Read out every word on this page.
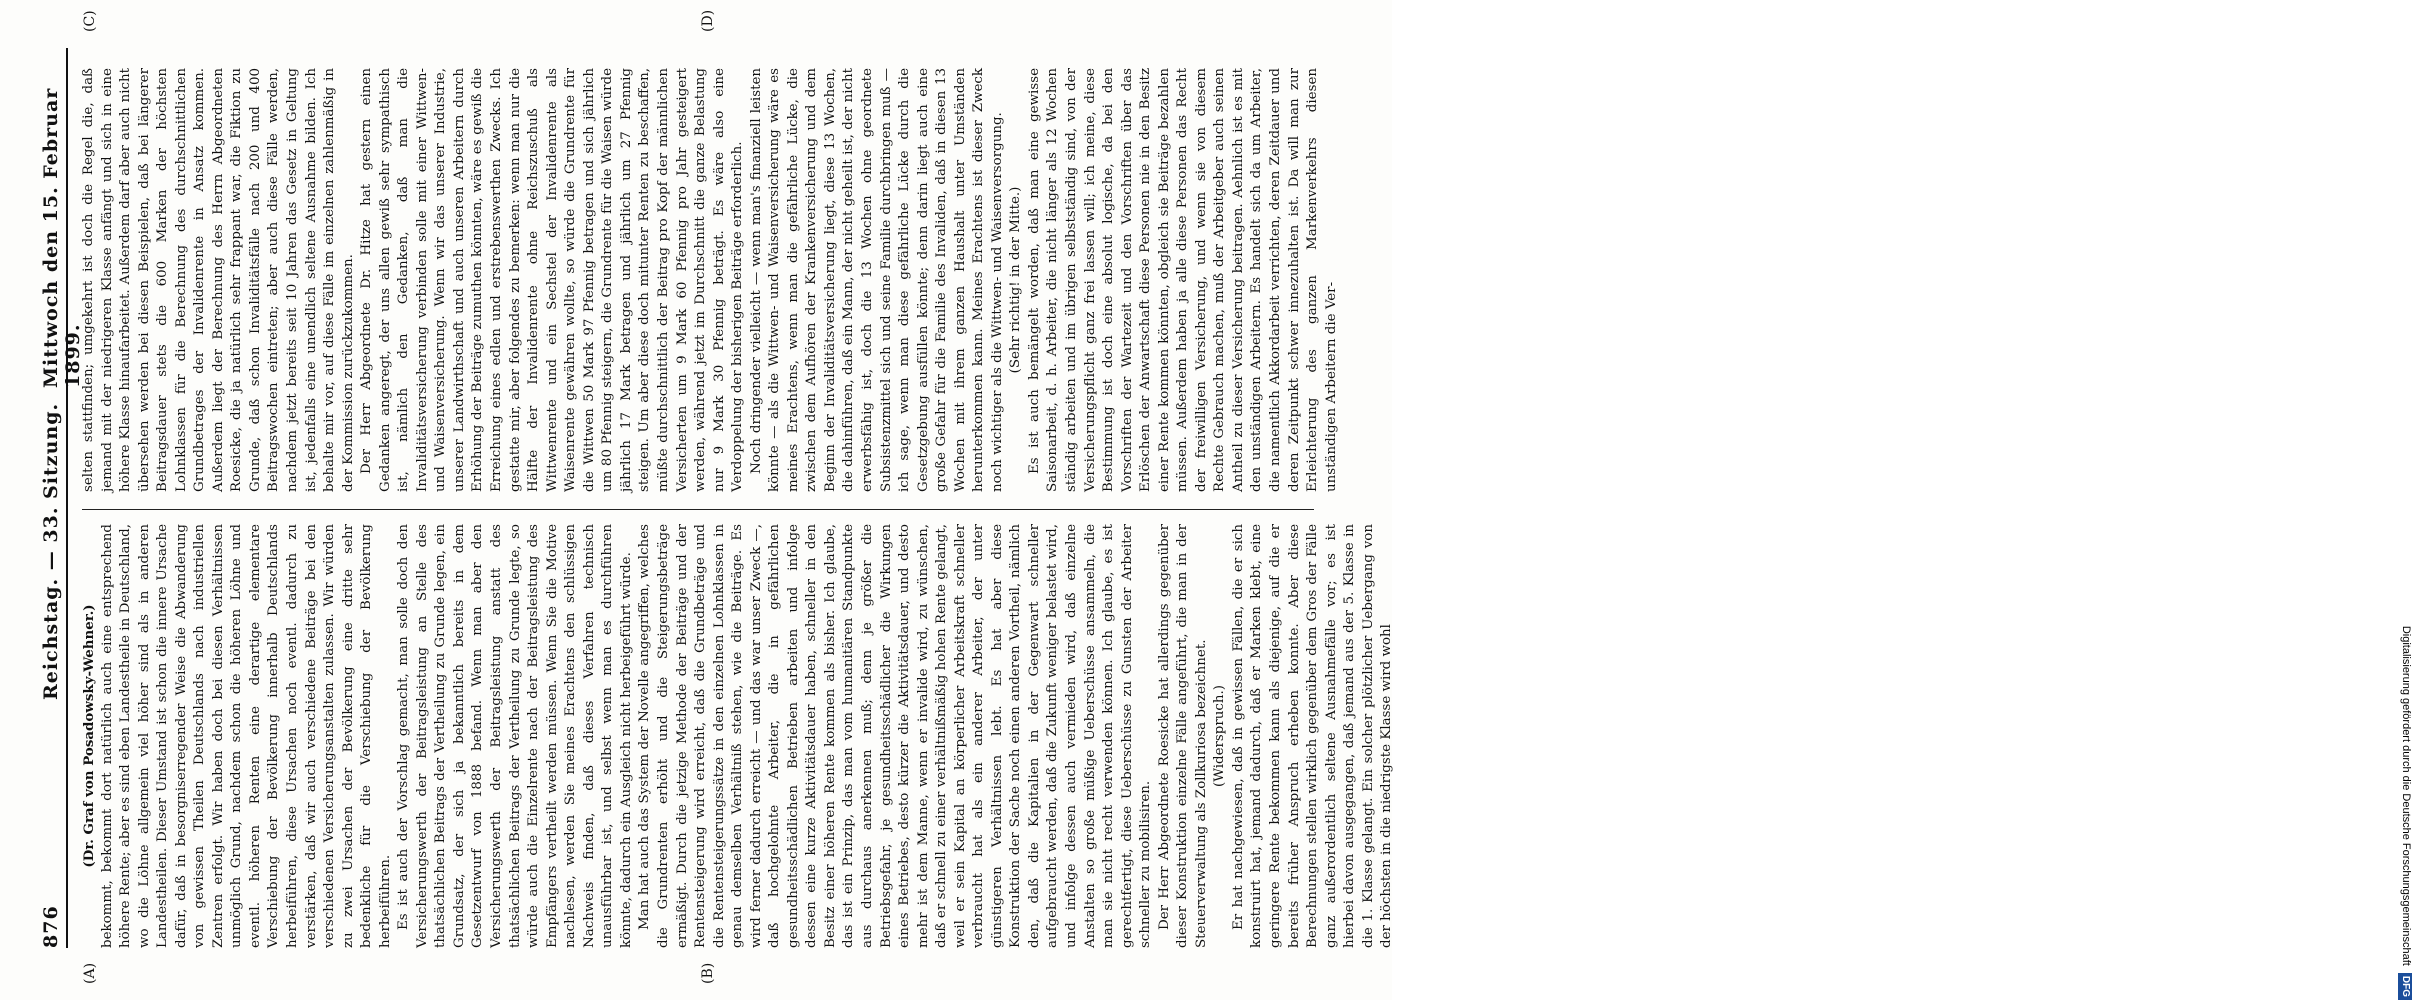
876
Reichstag. — 33. Sitzung.
Mittwoch den 15. Februar 1899.
(A)	(B)
(C)	(D)

(Dr. Graf von Posadowsky-Wehner.) bekommt, bekommt dort natürlich auch eine entsprechend höhere Rente; aber es sind eben Landestheile in Deutschland, wo die Löhne allgemein viel höher sind als in anderen Landestheilen. Dieser Umstand ist schon die innere Ursache dafür, daß in besorgniserregender Weise die Abwanderung von gewissen Theilen Deutschlands nach industriellen Zentren erfolgt. Wir haben doch bei diesen Verhältnissen unmöglich Grund, nachdem schon die höheren Löhne und eventl. höheren Renten eine derartige elementare Verschiebung der Bevölkerung innerhalb Deutschlands herbeiführen, diese Ursachen noch eventl. dadurch zu verstärken, daß wir auch verschiedene Beiträge bei den verschiedenen Versicherungsanstalten zulassen. Wir würden zu zwei Ursachen der Bevölkerung eine dritte sehr bedenkliche für die Verschiebung der Bevölkerung herbeiführen. Es ist auch der Vorschlag gemacht, man solle doch den Versicherungswerth der Beitragsleistung an Stelle des thatsächlichen Beitrags der Vertheilung zu Grunde legen, ein Grundsatz, der sich ja bekanntlich bereits in dem Gesetzentwurf von 1888 befand. Wenn man aber den Versicherungswerth der Beitragsleistung anstatt des thatsächlichen Beitrags der Vertheilung zu Grunde legte, so würde auch die Einzelrente nach der Beitragsleistung des Empfängers vertheilt werden müssen. Wenn Sie die Motive nachlesen, werden Sie meines Erachtens den schlüssigen Nachweis finden, daß dieses Verfahren technisch unausführbar ist, und selbst wenn man es durchführen könnte, dadurch ein Ausgleich nicht herbeigeführt würde. Man hat auch das System der Novelle angegriffen, welches die Grundrenten erhöht und die Steigerungsbeträge ermäßigt. Durch die jetzige Methode der Beiträge und der Rentensteigerung wird erreicht, daß die Grundbeträge und die Rentensteigerungssätze in den einzelnen Lohnklassen in genau demselben Verhältniß stehen, wie die Beiträge. Es wird ferner dadurch erreicht — und das war unser Zweck —, daß hochgelohnte Arbeiter, die in gefährlichen gesundheitsschädlichen Betrieben arbeiten und infolge dessen eine kurze Aktivitätsdauer haben, schneller in den Besitz einer höheren Rente kommen als bisher. Ich glaube, das ist ein Prinzip, das man vom humanitären Standpunkte aus durchaus anerkennen muß; denn je größer die Betriebsgefahr, je gesundheitsschädlicher die Wirkungen eines Betriebes, desto kürzer die Aktivitätsdauer, und desto mehr ist dem Manne, wenn er invalide wird, zu wünschen, daß er schnell zu einer verhältnißmäßig hohen Rente gelangt, weil er sein Kapital an körperlicher Arbeitskraft schneller verbraucht hat als ein anderer Arbeiter, der unter günstigeren Verhältnissen lebt. Es hat aber diese Konstruktion der Sache noch einen anderen Vortheil, nämlich den, daß die Kapitalien in der Gegenwart schneller aufgebraucht werden, daß die Zukunft weniger belastet wird, und infolge dessen auch vermieden wird, daß einzelne Anstalten so große müßige Ueberschüsse ansammeln, die man sie nicht recht verwenden können. Ich glaube, es ist gerechtfertigt, diese Ueberschüsse zu Gunsten der Arbeiter schneller zu mobilisiren. Der Herr Abgeordnete Roesicke hat allerdings gegenüber dieser Konstruktion einzelne Fälle angeführt, die man in der Steuerverwaltung als Zollkuriosa bezeichnet. (Widerspruch.) Er hat nachgewiesen, daß in gewissen Fällen, die er sich konstruirt hat, jemand dadurch, daß er Marken klebt, eine geringere Rente bekommen kann als diejenige, auf die er bereits früher Anspruch erheben konnte. Aber diese Berechnungen stellen wirklich gegenüber dem Gros der Fälle ganz außerordentlich seltene Ausnahmefälle vor; es ist hierbei davon ausgegangen, daß jemand aus der 5. Klasse in die 1. Klasse gelangt. Ein solcher plötzlicher Uebergang von der höchsten in die niedrigste Klasse wird wohl

selten stattfinden; umgekehrt ist doch die Regel die, daß jemand mit der niedrigeren Klasse anfängt und sich in eine höhere Klasse hinaufarbeitet. Außerdem darf aber auch nicht übersehen werden bei diesen Beispielen, daß bei längerer Beitragsdauer stets die 600 Marken der höchsten Lohnklassen für die Berechnung des durchschnittlichen Grundbetrages der Invalidenrente in Ansatz kommen. Außerdem liegt der Berechnung des Herrn Abgeordneten Roesicke, die ja natürlich sehr frappant war, die Fiktion zu Grunde, daß schon Invaliditätsfälle nach 200 und 400 Beitragswochen eintreten; aber auch diese Fälle werden, nachdem jetzt bereits seit 10 Jahren das Gesetz in Geltung ist, jedenfalls eine unendlich seltene Ausnahme bilden. Ich behalte mir vor, auf diese Fälle im einzelnen zahlenmäßig in der Kommission zurückzukommen. Der Herr Abgeordnete Dr. Hitze hat gestern einen Gedanken angeregt, der uns allen gewiß sehr sympathisch ist, nämlich den Gedanken, daß man die Invaliditätsversicherung verbinden solle mit einer Wittwen- und Waisenversicherung. Wenn wir das unserer Industrie, unserer Landwirthschaft und auch unseren Arbeitern durch Erhöhung der Beiträge zumuthen könnten, wäre es gewiß die Erreichung eines edlen und erstrebenswerthen Zwecks. Ich gestatte mir, aber folgendes zu bemerken: wenn man nur die Hälfte der Invalidenrente ohne Reichszuschuß als Wittwenrente und ein Sechstel der Invalidenrente als Waisenrente gewähren wollte, so würde die Grundrente für die Wittwen 50 Mark 97 Pfennig betragen und sich jährlich um 80 Pfennig steigern, die Grundrente für die Waisen würde jährlich 17 Mark betragen und jährlich um 27 Pfennig steigen. Um aber diese doch mitunter Renten zu beschaffen, müßte durchschnittlich der Beitrag pro Kopf der männlichen Versicherten um 9 Mark 60 Pfennig pro Jahr gesteigert werden, während jetzt im Durchschnitt die ganze Belastung nur 9 Mark 30 Pfennig beträgt. Es wäre also eine Verdoppelung der bisherigen Beiträge erforderlich. Noch dringender vielleicht — wenn man's finanziell leisten könnte — als die Wittwen- und Waisenversicherung wäre es meines Erachtens, wenn man die gefährliche Lücke, die zwischen dem Aufhören der Krankenversicherung und dem Beginn der Invaliditätsversicherung liegt, diese 13 Wochen, die dahinführen, daß ein Mann, der nicht geheilt ist, der nicht erwerbsfähig ist, doch die 13 Wochen ohne geordnete Subsistenzmittel sich und seine Familie durchbringen muß — ich sage, wenn man diese gefährliche Lücke durch die Gesetzgebung ausfüllen könnte; denn darin liegt auch eine große Gefahr für die Familie des Invaliden, daß in diesen 13 Wochen mit ihrem ganzen Haushalt unter Umständen herunterkommen kann. Meines Erachtens ist dieser Zweck noch wichtiger als die Wittwen- und Waisenversorgung. (Sehr richtig! in der Mitte.) Es ist auch bemängelt worden, daß man eine gewisse Saisonarbeit, d. h. Arbeiter, die nicht länger als 12 Wochen ständig arbeiten und im übrigen selbstständig sind, von der Versicherungspflicht ganz frei lassen will; ich meine, diese Bestimmung ist doch eine absolut logische, da bei den Vorschriften der Wartezeit und den Vorschriften über das Erlöschen der Anwartschaft diese Personen nie in den Besitz einer Rente kommen könnten, obgleich sie Beiträge bezahlen müssen. Außerdem haben ja alle diese Personen das Recht der freiwilligen Versicherung, und wenn sie von diesem Rechte Gebrauch machen, muß der Arbeitgeber auch seinen Antheil zu dieser Versicherung beitragen. Aehnlich ist es mit den unständigen Arbeitern. Es handelt sich da um Arbeiter, die namentlich Akkordarbeit verrichten, deren Zeitdauer und deren Zeitpunkt schwer innezuhalten ist. Da will man zur Erleichterung des ganzen Markenverkehrs diesen unständigen Arbeitern die Ver-

Digitalisierung gefördert durch die Deutsche Forschungsgemeinschaft DFG
